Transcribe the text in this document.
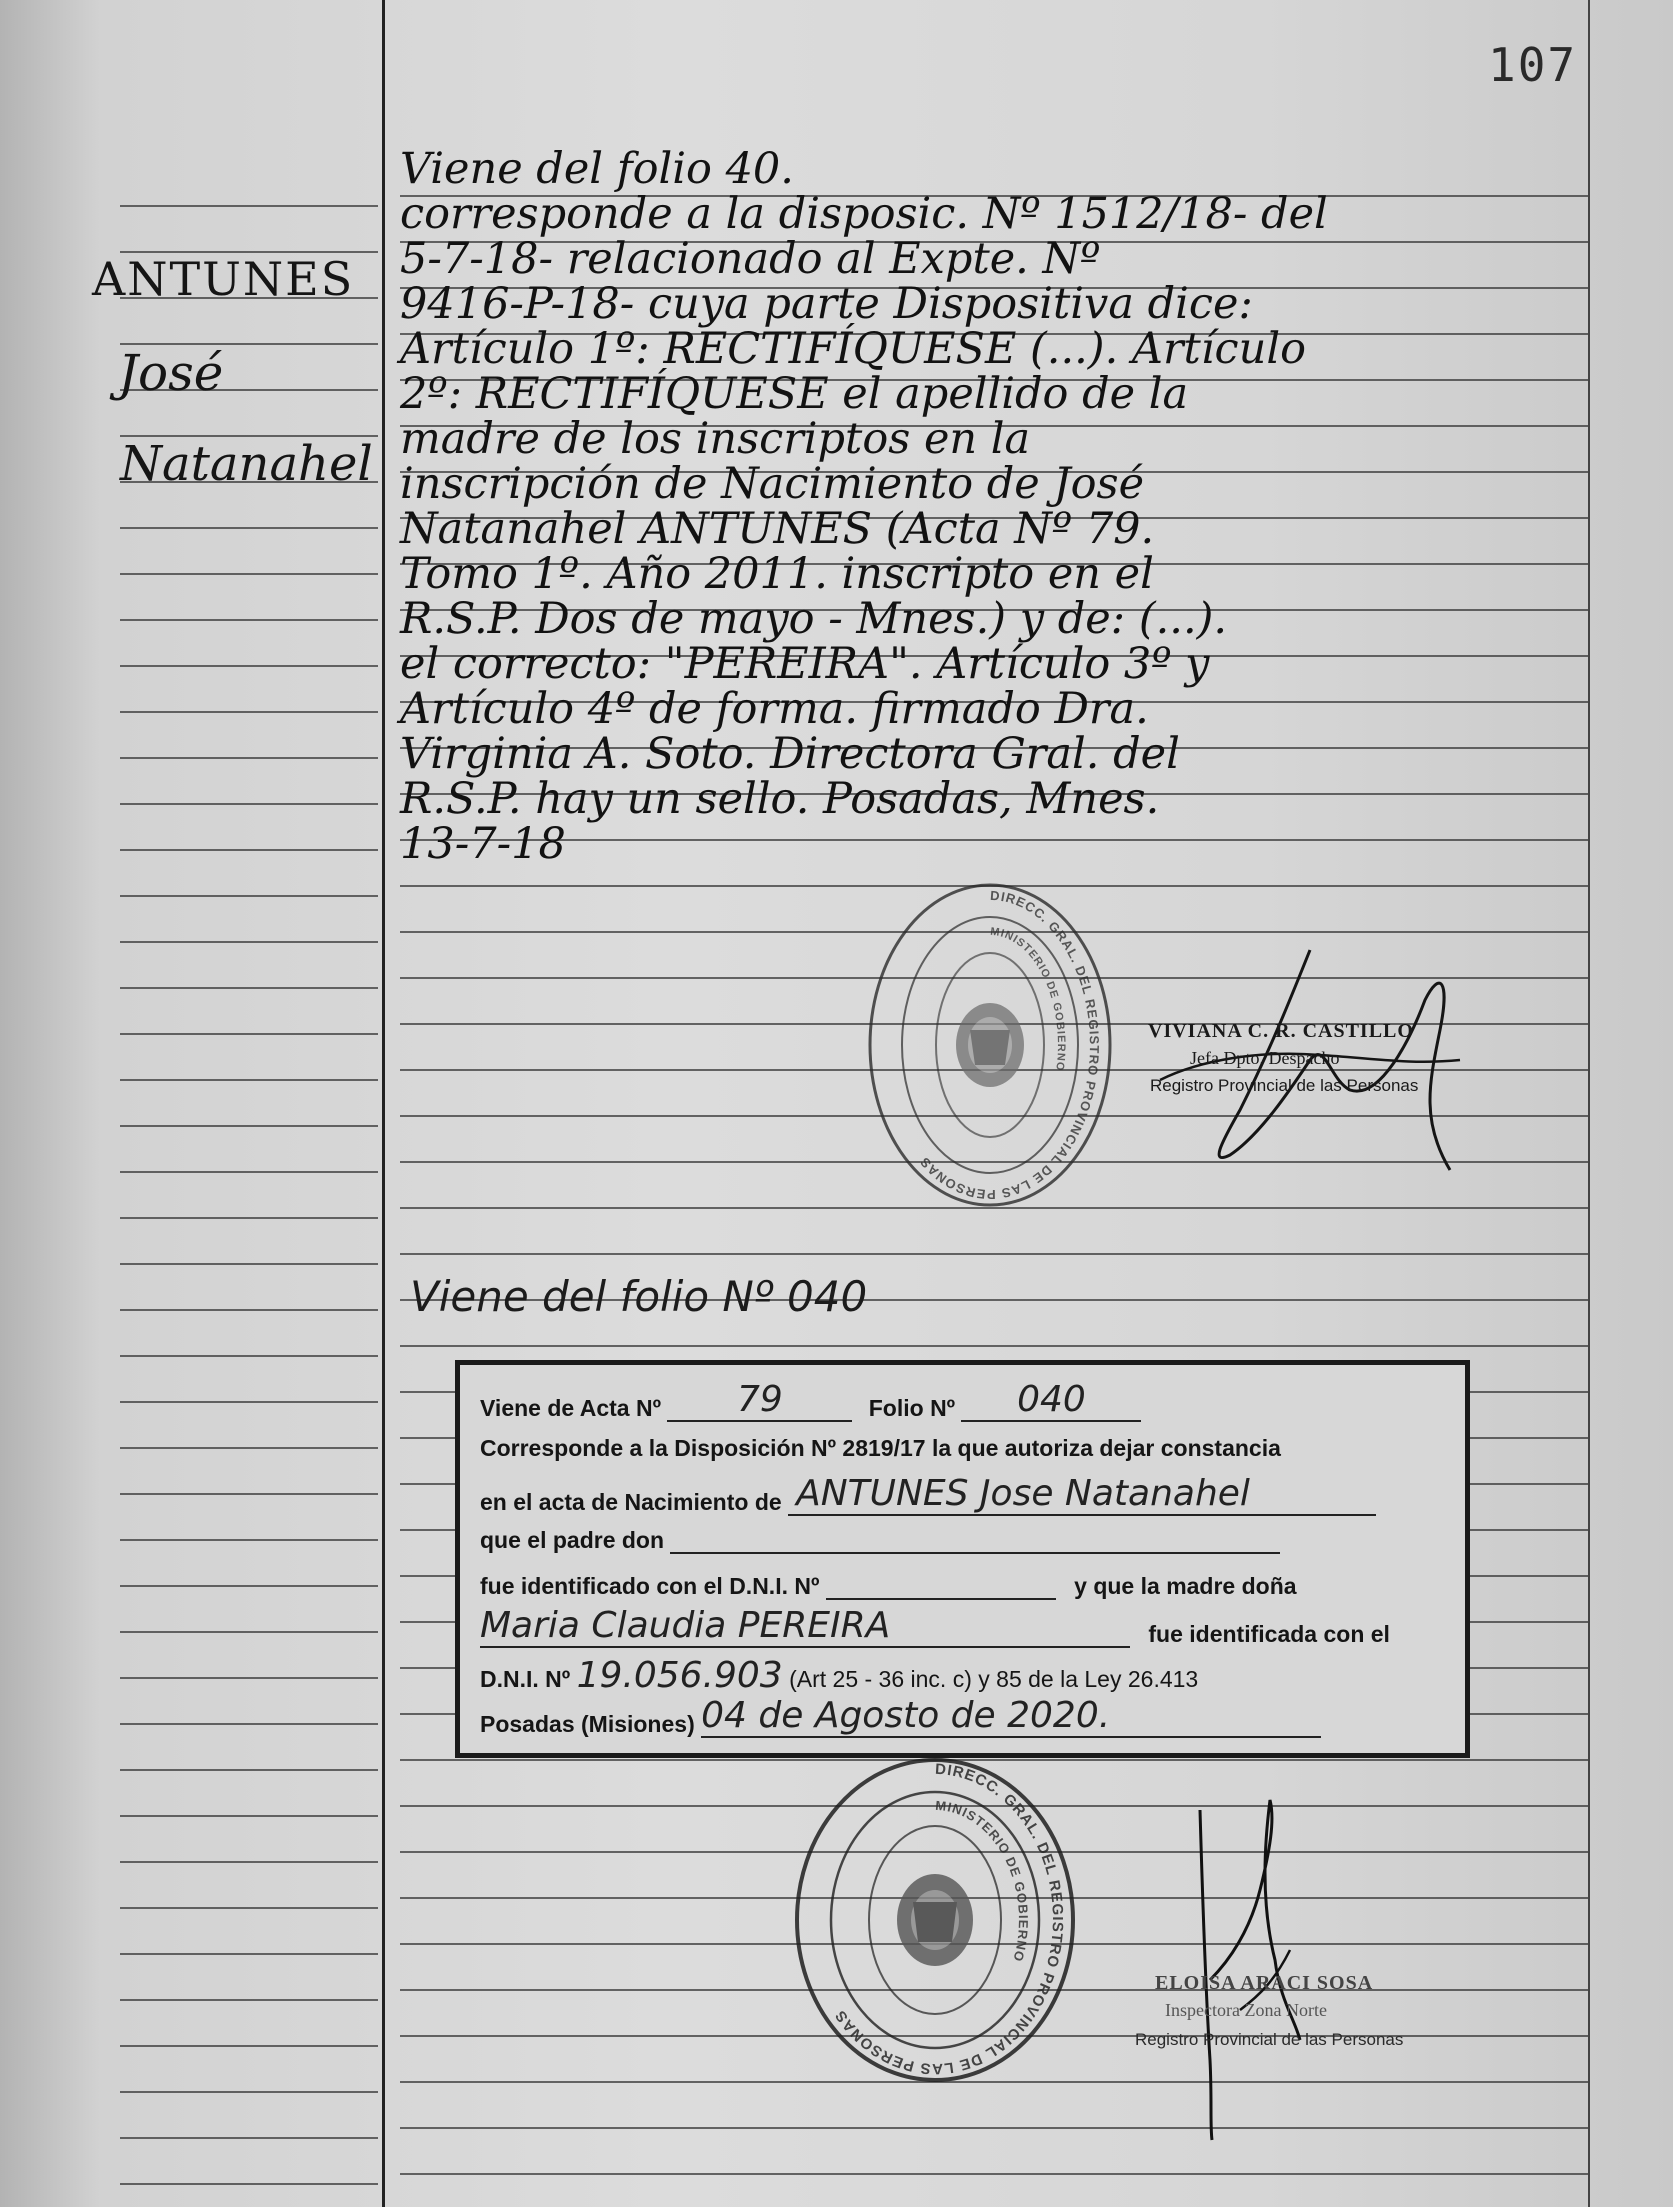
107
ANTUNES
José
Natanahel
Viene del folio 40.
corresponde a la disposic. Nº 1512/18- del
5-7-18- relacionado al Expte. Nº
9416-P-18- cuya parte Dispositiva dice:
Artículo 1º: RECTIFÍQUESE (...). Artículo
2º: RECTIFÍQUESE el apellido de la
madre de los inscriptos en la
inscripción de Nacimiento de José
Natanahel ANTUNES (Acta Nº 79.
Tomo 1º. Año 2011. inscripto en el
R.S.P. Dos de mayo - Mnes.) y de: (...).
el correcto: "PEREIRA". Artículo 3º y
Artículo 4º de forma. firmado Dra.
Virginia A. Soto. Directora Gral. del
R.S.P. hay un sello. Posadas, Mnes.
13-7-18
DIRECC. GRAL. DEL REGISTRO PROVINCIAL DE LAS PERSONAS
MINISTERIO DE GOBIERNO
VIVIANA C. R. CASTILLO
Jefa Dpto. Despacho
Registro Provincial de las Personas
Viene del folio Nº 040
Viene de Acta Nº 79	Folio Nº 040
Corresponde a la Disposición Nº 2819/17 la que autoriza dejar constancia
en el acta de Nacimiento de ANTUNES Jose Natanahel
que el padre don
fue identificado con el D.N.I. Nº	y que la madre doña
Maria Claudia PEREIRA	fue identificada con el
D.N.I. Nº 19.056.903 (Art 25 - 36 inc. c) y 85 de la Ley 26.413
Posadas (Misiones) 04 de Agosto de 2020.
DIRECC. GRAL. DEL REGISTRO PROVINCIAL DE LAS PERSONAS
MINISTERIO DE GOBIERNO
ELOISA ARACI SOSA
Inspectora Zona Norte
Registro Provincial de las Personas
